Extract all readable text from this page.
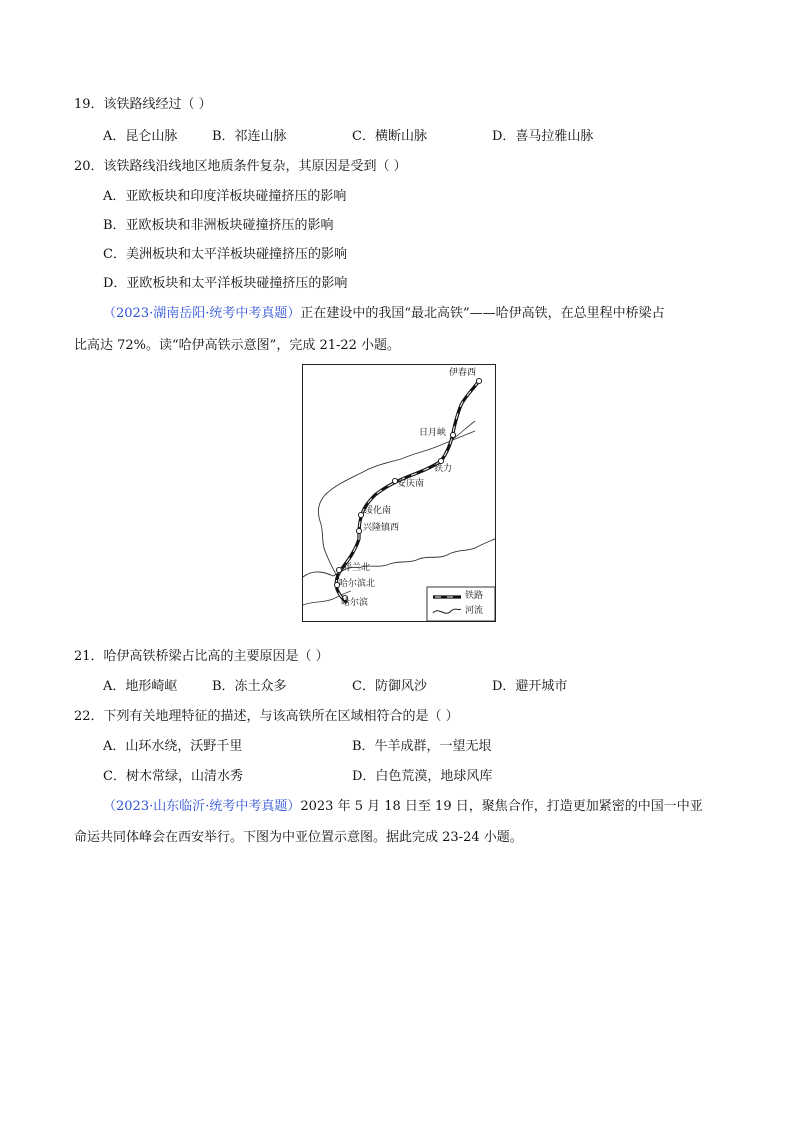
19．该铁路线经过（ ）
A．昆仑山脉	B．祁连山脉	C．横断山脉	D．喜马拉雅山脉
20．该铁路线沿线地区地质条件复杂，其原因是受到（ ）
A．亚欧板块和印度洋板块碰撞挤压的影响
B．亚欧板块和非洲板块碰撞挤压的影响
C．美洲板块和太平洋板块碰撞挤压的影响
D．亚欧板块和太平洋板块碰撞挤压的影响
（2023·湖南岳阳·统考中考真题）正在建设中的我国“最北高铁”——哈伊高铁，在总里程中桥梁占
比高达 72%。读“哈伊高铁示意图”，完成 21-22 小题。
伊春西
日月峡
铁力
安庆南
绥化南
兴隆镇西
呼兰北
哈尔滨北
哈尔滨
铁路
河流
21．哈伊高铁桥梁占比高的主要原因是（ ）
A．地形崎岖	B．冻土众多	C．防御风沙	D．避开城市
22．下列有关地理特征的描述，与该高铁所在区域相符合的是（ ）
A．山环水绕，沃野千里	B．牛羊成群，一望无垠
C．树木常绿，山清水秀	D．白色荒漠，地球风库
（2023·山东临沂·统考中考真题）2023 年 5 月 18 日至 19 日，聚焦合作，打造更加紧密的中国一中亚
命运共同体峰会在西安举行。下图为中亚位置示意图。据此完成 23-24 小题。
